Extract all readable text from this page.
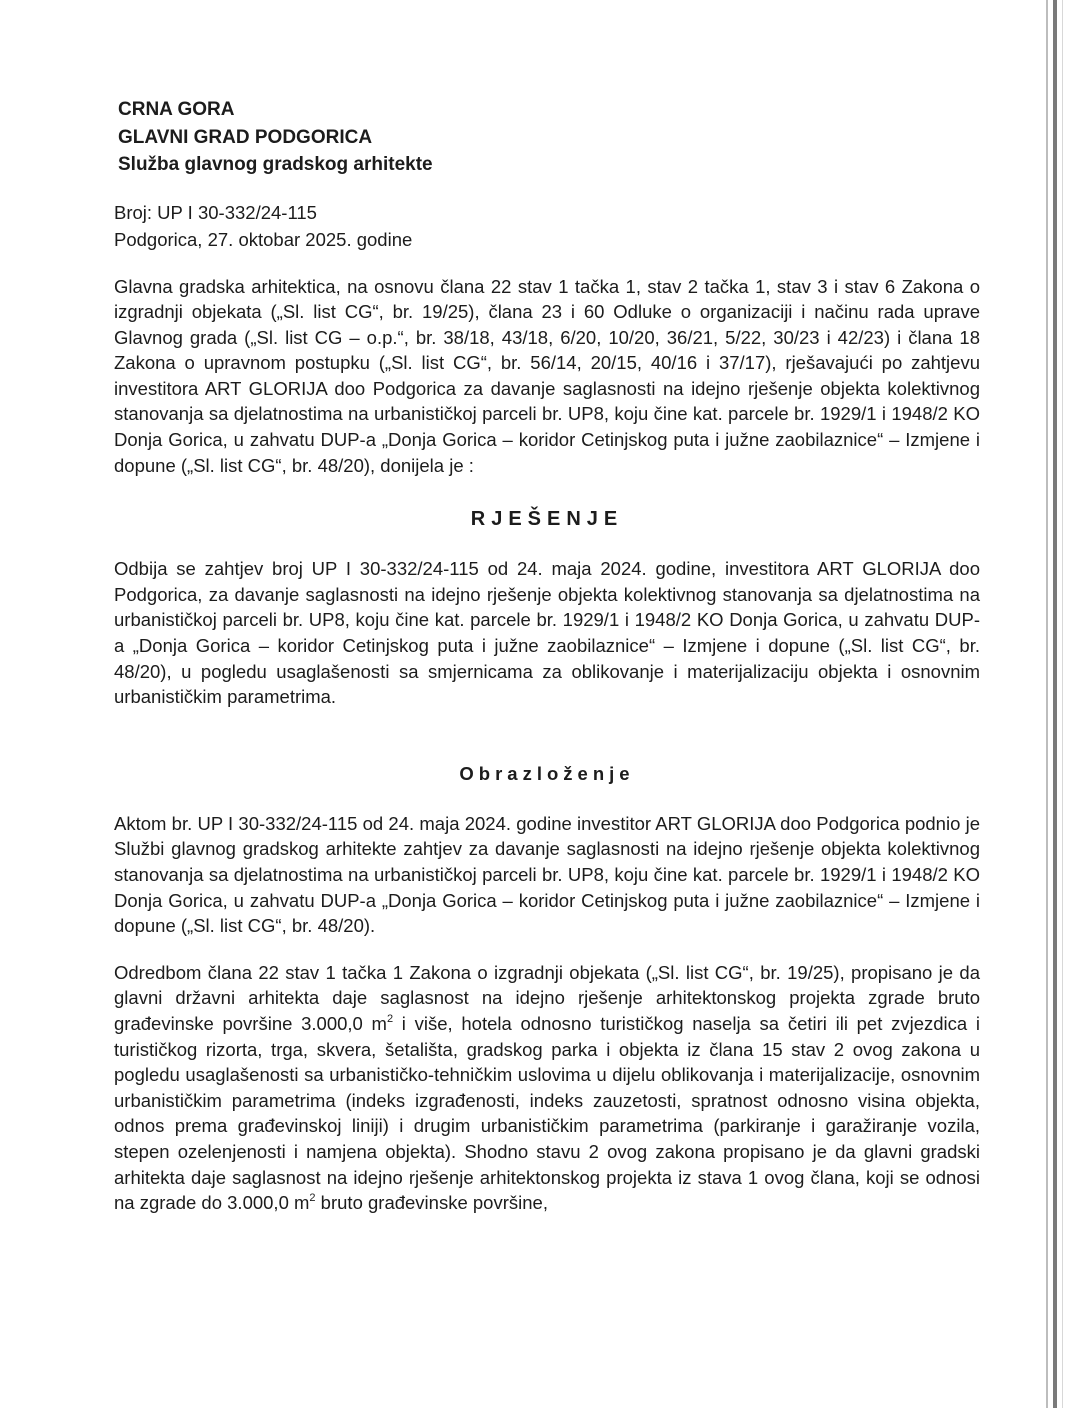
CRNA GORA
GLAVNI GRAD PODGORICA
Služba glavnog gradskog arhitekte
Broj: UP I 30-332/24-115
Podgorica, 27. oktobar 2025. godine

Glavna gradska arhitektica, na osnovu člana 22 stav 1 tačka 1, stav 2 tačka 1, stav 3 i stav 6 Zakona o izgradnji objekata („Sl. list CG“, br. 19/25), člana 23 i 60 Odluke o organizaciji i načinu rada uprave Glavnog grada („Sl. list CG – o.p.“, br. 38/18, 43/18, 6/20, 10/20, 36/21, 5/22, 30/23 i 42/23) i člana 18 Zakona o upravnom postupku („Sl. list CG“, br. 56/14, 20/15, 40/16 i 37/17), rješavajući po zahtjevu investitora ART GLORIJA doo Podgorica za davanje saglasnosti na idejno rješenje objekta kolektivnog stanovanja sa djelatnostima na urbanističkoj parceli br. UP8, koju čine kat. parcele br. 1929/1 i 1948/2 KO Donja Gorica, u zahvatu DUP-a „Donja Gorica – koridor Cetinjskog puta i južne zaobilaznice“ – Izmjene i dopune („Sl. list CG“, br. 48/20), donijela je :

RJEŠENJE

Odbija se zahtjev broj UP I 30-332/24-115 od 24. maja 2024. godine, investitora ART GLORIJA doo Podgorica, za davanje saglasnosti na idejno rješenje objekta kolektivnog stanovanja sa djelatnostima na urbanističkoj parceli br. UP8, koju čine kat. parcele br. 1929/1 i 1948/2 KO Donja Gorica, u zahvatu DUP-a „Donja Gorica – koridor Cetinjskog puta i južne zaobilaznice“ – Izmjene i dopune („Sl. list CG“, br. 48/20), u pogledu usaglašenosti sa smjernicama za oblikovanje i materijalizaciju objekta i osnovnim urbanističkim parametrima.

Obrazloženje

Aktom br. UP I 30-332/24-115 od 24. maja 2024. godine investitor ART GLORIJA doo Podgorica podnio je Službi glavnog gradskog arhitekte zahtjev za davanje saglasnosti na idejno rješenje objekta kolektivnog stanovanja sa djelatnostima na urbanističkoj parceli br. UP8, koju čine kat. parcele br. 1929/1 i 1948/2 KO Donja Gorica, u zahvatu DUP-a „Donja Gorica – koridor Cetinjskog puta i južne zaobilaznice“ – Izmjene i dopune („Sl. list CG“, br. 48/20).

Odredbom člana 22 stav 1 tačka 1 Zakona o izgradnji objekata („Sl. list CG“, br. 19/25), propisano je da glavni državni arhitekta daje saglasnost na idejno rješenje arhitektonskog projekta zgrade bruto građevinske površine 3.000,0 $m^2$ i više, hotela odnosno turističkog naselja sa četiri ili pet zvjezdica i turističkog rizorta, trga, skvera, šetališta, gradskog parka i objekta iz člana 15 stav 2 ovog zakona u pogledu usaglašenosti sa urbanističko-tehničkim uslovima u dijelu oblikovanja i materijalizacije, osnovnim urbanističkim parametrima (indeks izgrađenosti, indeks zauzetosti, spratnost odnosno visina objekta, odnos prema građevinskoj liniji) i drugim urbanističkim parametrima (parkiranje i garažiranje vozila, stepen ozelenjenosti i namjena objekta). Shodno stavu 2 ovog zakona propisano je da glavni gradski arhitekta daje saglasnost na idejno rješenje arhitektonskog projekta iz stava 1 ovog člana, koji se odnosi na zgrade do 3.000,0 $m^2$ bruto građevinske površine,
